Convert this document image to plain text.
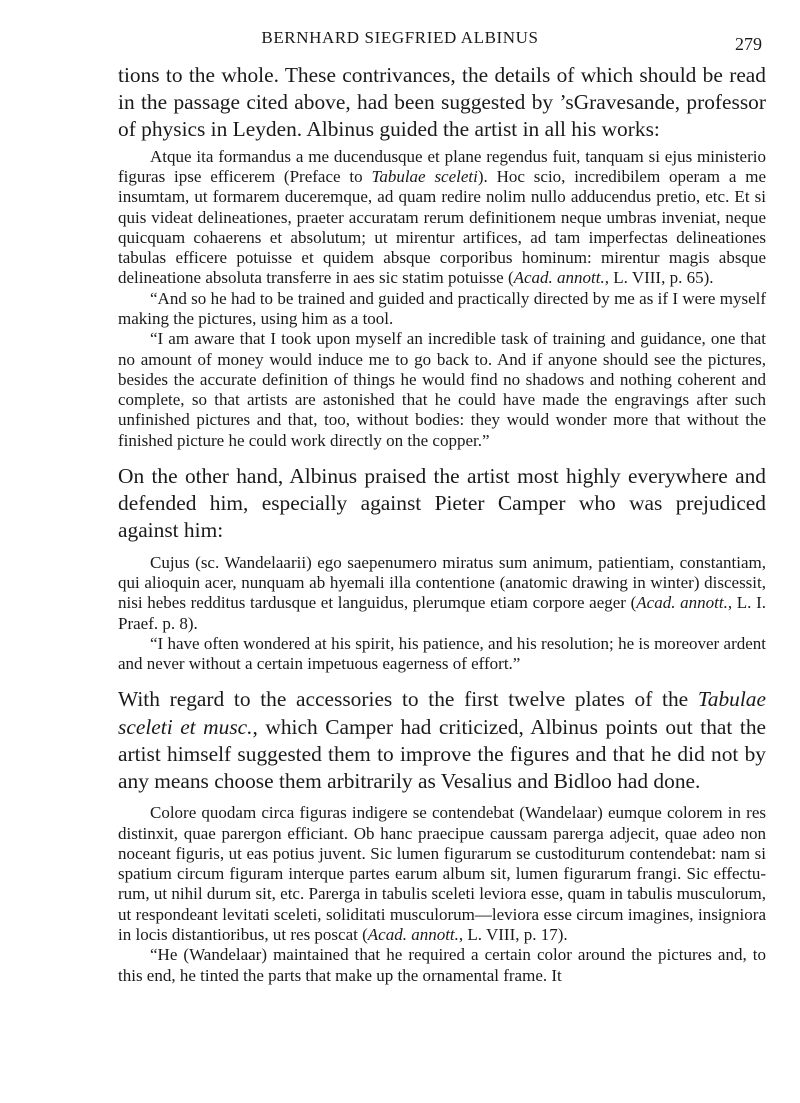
BERNHARD SIEGFRIED ALBINUS	279

tions to the whole. These contrivances, the details of which should be read in the passage cited above, had been suggested by ’sGravesande, professor of physics in Leyden. Albinus guided the artist in all his works:

Atque ita formandus a me ducendusque et plane regendus fuit, tanquam si ejus ministerio figuras ipse efficerem (Preface to Tabulae sceleti). Hoc scio, incredibilem operam a me insumtam, ut formarem duceremque, ad quam redire nolim nullo adducendus pretio, etc. Et si quis videat delineationes, praeter accuratam rerum definitionem neque umbras inveniat, neque quicquam cohaerens et absolutum; ut mirentur artifices, ad tam imperfectas delineationes tabulas efficere potuisse et quidem absque corporibus hominum: mirentur magis absque delineatione absoluta transferre in aes sic statim potuisse (Acad. annott., L. VIII, p. 65).

“And so he had to be trained and guided and practically directed by me as if I were myself making the pictures, using him as a tool.

“I am aware that I took upon myself an incredible task of training and guidance, one that no amount of money would induce me to go back to. And if anyone should see the pictures, besides the accurate definition of things he would find no shadows and nothing coherent and complete, so that artists are astonished that he could have made the engravings after such unfinished pictures and that, too, without bodies: they would wonder more that without the finished picture he could work directly on the copper.”

On the other hand, Albinus praised the artist most highly everywhere and defended him, especially against Pieter Camper who was prejudiced against him:

Cujus (sc. Wandelaarii) ego saepenumero miratus sum animum, patientiam, constantiam, qui alioquin acer, nunquam ab hyemali illa contentione (anatomic drawing in winter) discessit, nisi hebes redditus tardusque et languidus, plerumque etiam corpore aeger (Acad. annott., L. I. Praef. p. 8).

“I have often wondered at his spirit, his patience, and his resolution; he is moreover ardent and never without a certain impetuous eagerness of effort.”

With regard to the accessories to the first twelve plates of the Tabulae sceleti et musc., which Camper had criticized, Albinus points out that the artist himself suggested them to improve the figures and that he did not by any means choose them arbitrarily as Vesalius and Bidloo had done.

Colore quodam circa figuras indigere se contendebat (Wandelaar) eumque colorem in res distinxit, quae parergon efficiant. Ob hanc praecipue caussam parerga adjecit, quae adeo non noceant figuris, ut eas potius juvent. Sic lumen figurarum se custoditurum contendebat: nam si spatium circum figuram interque partes earum album sit, lumen figurarum frangi. Sic effecturum, ut nihil durum sit, etc. Parerga in tabulis sceleti leviora esse, quam in tabulis musculorum, ut respondeant levitati sceleti, soliditati musculorum—leviora esse circum imagines, insigniora in locis distantioribus, ut res poscat (Acad. annott., L. VIII, p. 17).

“He (Wandelaar) maintained that he required a certain color around the pictures and, to this end, he tinted the parts that make up the ornamental frame. It
